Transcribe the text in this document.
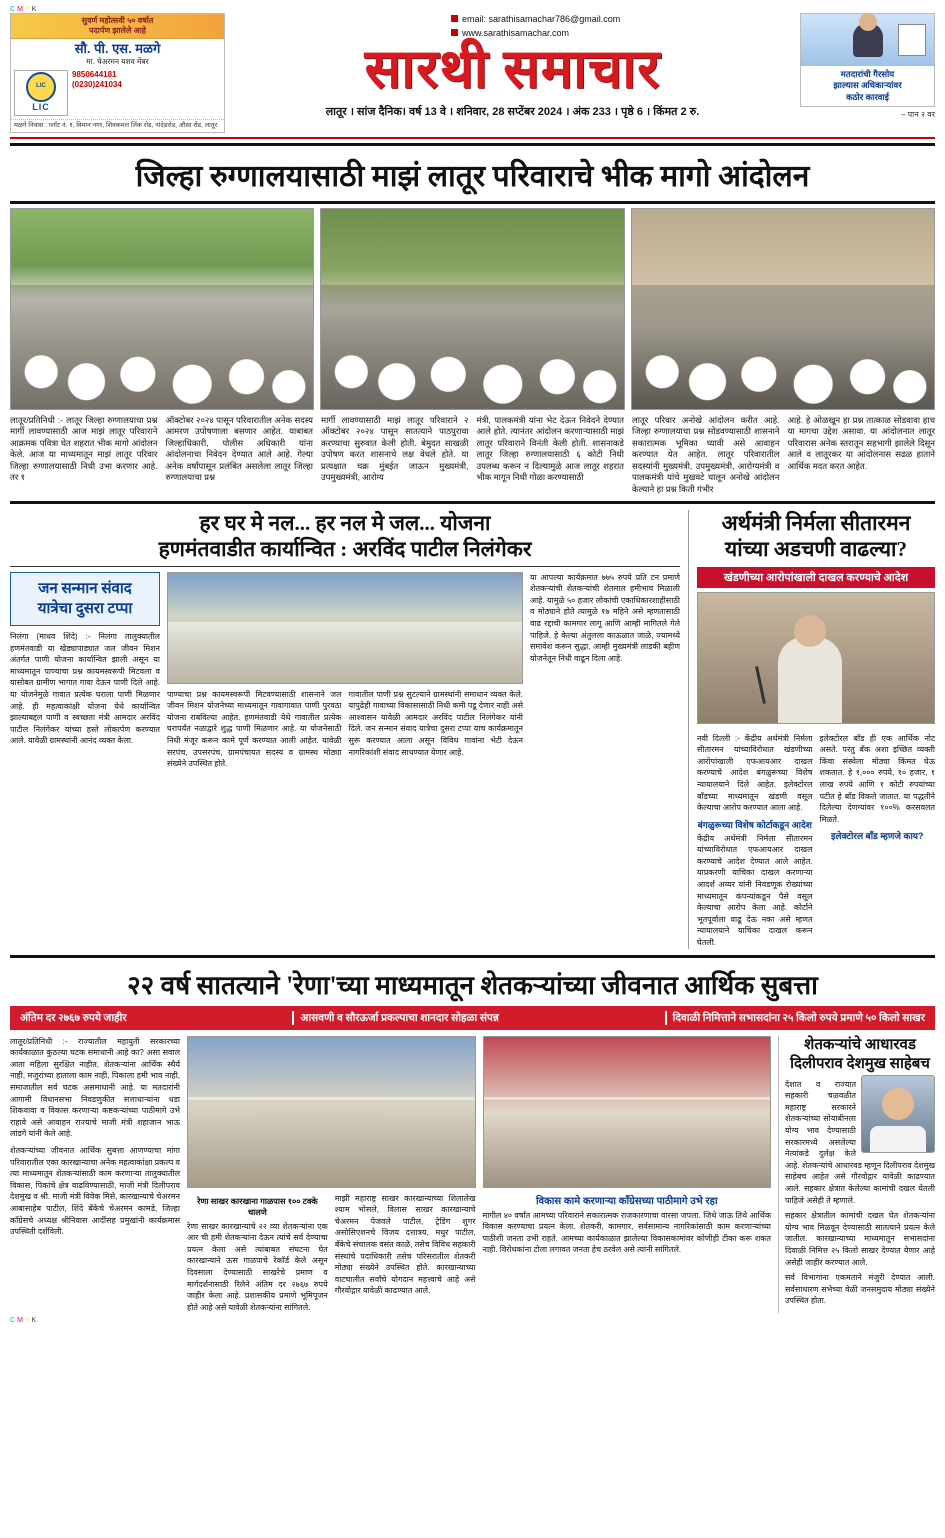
CMYK
सुवर्ण महोत्सवी ५० वर्षात
पदार्पण झालेले आहे
सौ. पी. एस. मळगे
मा. चेअरमन यशव मेंबर
LIC
LIC
9850644181
(0230)241034
मळगे निवास : प्लॉट नं. १, विमान नगर, शिवकमल लिंक रोड, नांदेडरोड, औसा रोड, लातूर
email: sarathisamachar786@gmail.com
www.sarathisamachar.com
सारथी समाचार
लातूर । सांज दैनिक। वर्ष 13 वे । शनिवार, 28 सप्टेंबर 2024 । अंक 233 । पृष्ठे 6 । किंमत 2 रु.
मतदारांची गैरसोय
झाल्यास अधिकाऱ्यांवर
कठोर कारवाई
– पान २ वर
जिल्हा रुग्णालयासाठी माझं लातूर परिवाराचे भीक मागो आंदोलन
लातूर/प्रतिनिधी :- लातूर जिल्हा रुग्णालयाचा प्रश्न मार्गी लावण्यासाठी आज माझं लातूर परिवाराने आक्रमक पवित्रा घेत शहरात भीक मागो आंदोलन केले. आज या माध्यमातून माझं लातूर परिवार जिल्हा रुग्णालयासाठी निधी उभा करणार आहे. तर १
ऑक्टोबर २०२४ पासून परिवारातील अनेक सदस्य आमरण उपोषणाला बसणार आहेत. याबाबत जिल्हाधिकारी, पोलीस अधिकारी यांना आंदोलनाचा निवेदन देण्यात आले आहे. गेल्या अनेक वर्षांपासून प्रलंबित असलेला लातूर जिल्हा रुग्णालयाचा प्रश्न
मार्गी लावण्यासाठी माझं लातूर परिवाराने २ ऑक्टोबर २०२४ पासून सातत्याने पाठपुरावा करण्याचा सुरुवात केली होती. बेमुदत साखळी उपोषण करत शासनाचे लक्ष वेधले होते. या प्रत्यक्षात चक्र मुंबईत जाऊन मुख्यमंत्री, उपमुख्यमंत्री, आरोग्य
मंत्री, पालकमंत्री यांना भेट देऊन निवेदने देण्यात आले होते. त्यानंतर आंदोलन करणाऱ्यासाठी माझं लातूर परिवाराने विनंती केली होती. शासनाकडे लातूर जिल्हा रुग्णालयासाठी ६ कोटी निधी उपलब्ध करून न दिल्यामुळे आज लातूर शहरात भीक मागून निधी गोळा करण्यासाठी
लातूर परिवार अनोखे आंदोलन करीत आहे. जिल्हा रुग्णालयाचा प्रश्न सोडवण्यासाठी शासनाने सकारात्मक भूमिका घ्यावी असे आवाहन करण्यात येत आहेत. लातूर परिवारातील सदस्यांनी मुख्यमंत्री, उपमुख्यमंत्री, आरोग्यमंत्री व पालकमंत्री यांचे मुखवटे घालून अनोखे आंदोलन केल्याने हा प्रश्न किती गंभीर
आहे. हे ओळखून हा प्रश्न तात्काळ सोडवावा हाच या मागचा उद्देश असावा. या आंदोलनात लातूर परिवारास अनेक स्तरातून सहभागी झालेले दिसून आले व लातूरकर या आंदोलनास सढळ हाताने आर्थिक मदत करत आहेत.
हर घर मे नल... हर नल मे जल... योजना
हणमंतवाडीत कार्यान्वित : अरविंद पाटील निलंगेकर
जन सन्मान संवाद
यात्रेचा दुसरा टप्पा
निलंगा (माधव शिंदे) :- निलंगा तालुक्यातील हणमंतवाडी या खेड्यापाड्यात जल जीवन मिशन अंतर्गत पाणी योजना कार्यान्वित झाली असून या माध्यमातून पाण्याचा प्रश्न कायमस्वरूपी मिटवला व यासोबत ग्रामीण भागात गावा देऊन पाणी दिले आहे. या योजनेमुळे गावात प्रत्येक घराला पाणी मिळणार आहे. ही महत्वाकांक्षी योजना येथे कार्यान्वित झाल्याबद्दल पाणी व स्वच्छता मंत्री आमदार अरविंद पाटील निलंगेकर यांच्या हस्ते लोकार्पण करण्यात आले. यावेळी ग्रामस्थांनी आनंद व्यक्त केला.
पाण्याचा प्रश्न कायमस्वरूपी मिटवण्यासाठी शासनाने जल जीवन मिशन योजनेच्या माध्यमातून गावागावात पाणी पुरवठा योजना राबविल्या आहेत. हणमंतवाडी येथे गावातील प्रत्येक घरापर्यंत नळाद्वारे शुद्ध पाणी मिळणार आहे. या योजनेसाठी निधी मंजूर करून कामे पूर्ण करण्यात आली आहेत. यावेळी सरपंच, उपसरपंच, ग्रामपंचायत सदस्य व ग्रामस्थ मोठ्या संख्येने उपस्थित होते.
गावातील पाणी प्रश्न सुटल्याने ग्रामस्थांनी समाधान व्यक्त केले. यापुढेही गावाच्या विकासासाठी निधी कमी पडू देणार नाही असे आश्वासन यावेळी आमदार अरविंद पाटील निलंगेकर यांनी दिले. जन सन्मान संवाद यात्रेचा दुसरा टप्पा याच कार्यक्रमातून सुरू करण्यात आला असून विविध गावांना भेटी देऊन नागरिकांशी संवाद साधण्यात येणार आहे.
या आपल्या कार्यक्रमात ७७५ रुपये प्रति टन प्रमाणे शेतकऱ्यांची शेतकऱ्यांची शेतमाल हमीभाव मिळाली आहे. यामुळे ५० हजार लोकांची एकाधिकारशाहीसाठी व मोठ्याने होते त्यामुळे १७ महिने असे म्हणतासाठी वाढ रद्दाची कामगार लागू आणि आम्ही मागितले गेले पाहिजे. हे केल्या अंतुलला काऊळात जाळे, ज्यामध्ये समावेश करून सुद्धा, आम्ही मुख्यमंत्री लाडकी बहीण योजनेतून निधी वाढून दिला आहे.
अर्थमंत्री निर्मला सीतारमन
यांच्या अडचणी वाढल्या?
खंडणीच्या आरोपांखाली दाखल करण्याचे आदेश
नवी दिल्ली :- केंद्रीय अर्थमंत्री निर्मला सीतारमन यांच्याविरोधात खंडणीच्या आरोपांखाली एफआयआर दाखल करण्याचे आदेश बंगळुरूच्या विशेष न्यायालयाने दिले आहेत. इलेक्टोरल बाँडच्या माध्यमातून खंडणी वसूल केल्याचा आरोप करण्यात आला आहे.
बंगळुरूच्या विशेष कोर्टाकडून आदेश
केंद्रीय अर्थमंत्री निर्मला सीतारमन यांच्याविरोधात एफआयआर दाखल करण्याचे आदेश देण्यात आले आहेत. याप्रकरणी याचिका दाखल करणाऱ्या आदर्श अय्यर यांनी निवडणूक रोख्यांच्या माध्यमातून कंपन्यांकडून पैसे वसूल केल्याचा आरोप केला आहे. कोर्टाने भूतपूर्वाला वाढू देऊ नका असे म्हणत न्यायालयाने याचिका दाखल करून घेतली.
इलेक्टोरल बाँड ही एक आर्थिक नोट असते. परंतु बँक अशा इच्छित व्यक्ती किंवा संस्थेला मोठ्या किंमत घेऊ शकतात. हे १,००० रुपये, १० हजार, १ लाख रुपये आणि १ कोटी रुपयांच्या पटीत हे बाँड विकले जातात. या पद्धतीने दिलेल्या देणग्यांवर १००% करसवलत मिळते.
इलेक्टोरल बाँड म्हणजे काय?
२२ वर्ष सातत्याने 'रेणा'च्या माध्यमातून शेतकऱ्यांच्या जीवनात आर्थिक सुबत्ता
अंतिम दर २७६७ रुपये जाहीर	आसवणी व सौरऊर्जा प्रकल्पाचा शानदार सोहळा संपन्न	दिवाळी निमित्ताने सभासदांना २५ किलो रुपये प्रमाणे ५० किलो साखर
लातूर/प्रतिनिधी :- राज्यातील महायुती सरकारच्या कार्यकाळात कुठल्या घटक समाधानी आहे का? असा सवाल आता महिला सुरक्षित नाहीत, शेतकऱ्यांना आर्थिक स्थैर्य नाही, मजुरांच्या हाताला काम नाही, पिकाला हमी भाव नाही, समाजातील सर्व घटक असमाधानी आहे. या मतदारांनी आगामी विधानसभा निवडणुकीत सत्ताधाऱ्यांना धडा शिकवावा व विकास करणाऱ्या कष्टकऱ्यांच्या पाठीमागे उभे राहावे असे आवाहन राज्याचे माजी मंत्री शहाजान भाऊ लांडगे यांनी केले आहे.
शेतकऱ्यांच्या जीवनात आर्थिक सुबत्ता आणण्याचा मांगा परिवारातील एका कारखान्याचा अनेक महत्वाकांक्षा प्रकल्प व त्या माध्यमातून शेतकऱ्यांसाठी काम करणाऱ्या तालुक्यातील विकास, पिकांचे क्षेत्र वाढविण्यासाठी, माजी मंत्री दिलीपराव देशमुख व श्री. माजी मंत्री विवेक मिसे, कारखान्याचे चेअरमन आबासाहेब पाटील, शिंदे बँकेचे चेअरमन कामडे, जिल्हा कॉंग्रेसचे अध्यक्ष श्रीनिवास आदींसह प्रमुखांनी कार्यक्रमास उपस्थिती दर्शविली.
रेणा साखर कारखाना गाळपास १०० टक्के चालणे
रेणा साखर कारखान्याचे २२ व्या शेतकऱ्यांना एक आर ची हमी शेतकऱ्यांना देऊन त्यांचे सर्व देण्याचा प्रयत्न केला असे त्यांबाबत संघटना घेत कारखान्याने ऊस गाळपाचे रेकॉर्ड केले असून दिवसाला देण्यासाठी साखरेचे प्रमाण व मार्गदर्शनासाठी रिलेने अंतिम दर २७६७ रुपये जाहीर केला आहे. प्रशासकीय प्रमाणे भूमिपूजन होते आहे असे यावेळी शेतकऱ्यांना सांगितले.
माझी महाराष्ट्र साखर कारखान्याच्या शिलालेख श्याम भोसले, विलास साखर कारखान्याचे चेअरमन पेजवले पाटील, ट्रेडिंग शुगर असोसिएशनचे विजय दत्तात्रय, मधुर पाटील, बँकेचे संचालक वसंत काळे, तसेच विविध सहकारी संस्थांचे पदाधिकारी तसेच परिसरातील शेतकरी मोठ्या संख्येने उपस्थित होते. कारखान्याच्या वाटचालीत सर्वांचे योगदान महत्त्वाचे आहे असे गौरवोद्गार यावेळी काढण्यात आले.
विकास कामे करणाऱ्या कॉंग्रेसच्या पाठीमागे उभे रहा
मागील ४० वर्षांत आमच्या परिवाराने सकारात्मक राजकारणाचा वारसा जपला. जिथे जाऊ तिथे आर्थिक विकास करण्याचा प्रयत्न केला. शेतकरी, कामगार, सर्वसामान्य नागरिकांसाठी काम करणाऱ्यांच्या पाठीशी जनता उभी राहते. आमच्या कार्यकाळात झालेल्या विकासकामांवर कोणीही टीका करू शकत नाही. विरोधकांना टोला लगावत जनता हेच ठरवेल असे त्यांनी सांगितले.
शेतकऱ्यांचे आधारवड
दिलीपराव देशमुख साहेबच
देशात व राज्यात सहकारी चळवळीत महाराष्ट्र सरकारने शेतकऱ्यांच्या सोयाबीनला योग्य भाव देण्यासाठी सरकारमध्ये असलेल्या नेत्यांकडे दुर्लक्ष केले आहे. शेतकऱ्यांचे आधारवड म्हणून दिलीपराव देशमुख साहेबच आहेत असे गौरवोद्गार यावेळी काढण्यात आले. सहकार क्षेत्रात केलेल्या कामांची दखल घेतली पाहिजे असेही ते म्हणाले.
सहकार क्षेत्रातील कामांची दखल घेत शेतकऱ्यांना योग्य भाव मिळवून देण्यासाठी सातत्याने प्रयत्न केले जातील. कारखान्याच्या माध्यमातून सभासदांना दिवाळी निमित्त २५ किलो साखर देण्यात येणार आहे असेही जाहीर करण्यात आले.
सर्व विभागांना एकमताने मंजुरी देण्यात आली. सर्वसाधारण सभेच्या वेळी जनसमुदाय मोठ्या संख्येने उपस्थित होता.
CMYK
